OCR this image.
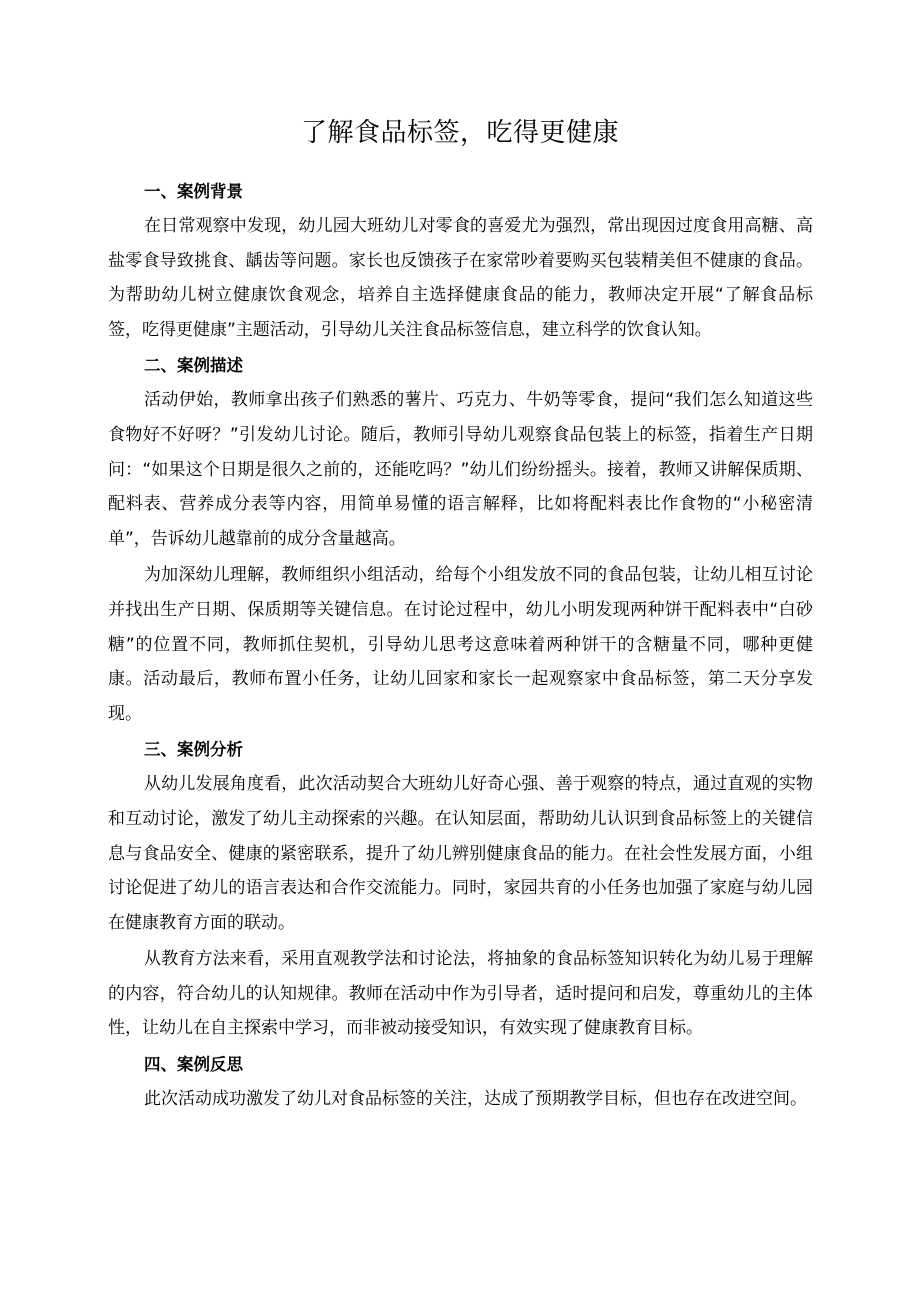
了解食品标签，吃得更健康
一、案例背景

在日常观察中发现，幼儿园大班幼儿对零食的喜爱尤为强烈，常出现因过度食用高糖、高盐零食导致挑食、龋齿等问题。家长也反馈孩子在家常吵着要购买包装精美但不健康的食品。为帮助幼儿树立健康饮食观念，培养自主选择健康食品的能力，教师决定开展“了解食品标签，吃得更健康”主题活动，引导幼儿关注食品标签信息，建立科学的饮食认知。

二、案例描述

活动伊始，教师拿出孩子们熟悉的薯片、巧克力、牛奶等零食，提问“我们怎么知道这些食物好不好呀？”引发幼儿讨论。随后，教师引导幼儿观察食品包装上的标签，指着生产日期问：“如果这个日期是很久之前的，还能吃吗？”幼儿们纷纷摇头。接着，教师又讲解保质期、配料表、营养成分表等内容，用简单易懂的语言解释，比如将配料表比作食物的“小秘密清单”，告诉幼儿越靠前的成分含量越高。

为加深幼儿理解，教师组织小组活动，给每个小组发放不同的食品包装，让幼儿相互讨论并找出生产日期、保质期等关键信息。在讨论过程中，幼儿小明发现两种饼干配料表中“白砂糖”的位置不同，教师抓住契机，引导幼儿思考这意味着两种饼干的含糖量不同，哪种更健康。活动最后，教师布置小任务，让幼儿回家和家长一起观察家中食品标签，第二天分享发现。

三、案例分析

从幼儿发展角度看，此次活动契合大班幼儿好奇心强、善于观察的特点，通过直观的实物和互动讨论，激发了幼儿主动探索的兴趣。在认知层面，帮助幼儿认识到食品标签上的关键信息与食品安全、健康的紧密联系，提升了幼儿辨别健康食品的能力。在社会性发展方面，小组讨论促进了幼儿的语言表达和合作交流能力。同时，家园共育的小任务也加强了家庭与幼儿园在健康教育方面的联动。

从教育方法来看，采用直观教学法和讨论法，将抽象的食品标签知识转化为幼儿易于理解的内容，符合幼儿的认知规律。教师在活动中作为引导者，适时提问和启发，尊重幼儿的主体性，让幼儿在自主探索中学习，而非被动接受知识，有效实现了健康教育目标。

四、案例反思

此次活动成功激发了幼儿对食品标签的关注，达成了预期教学目标，但也存在改进空间。
